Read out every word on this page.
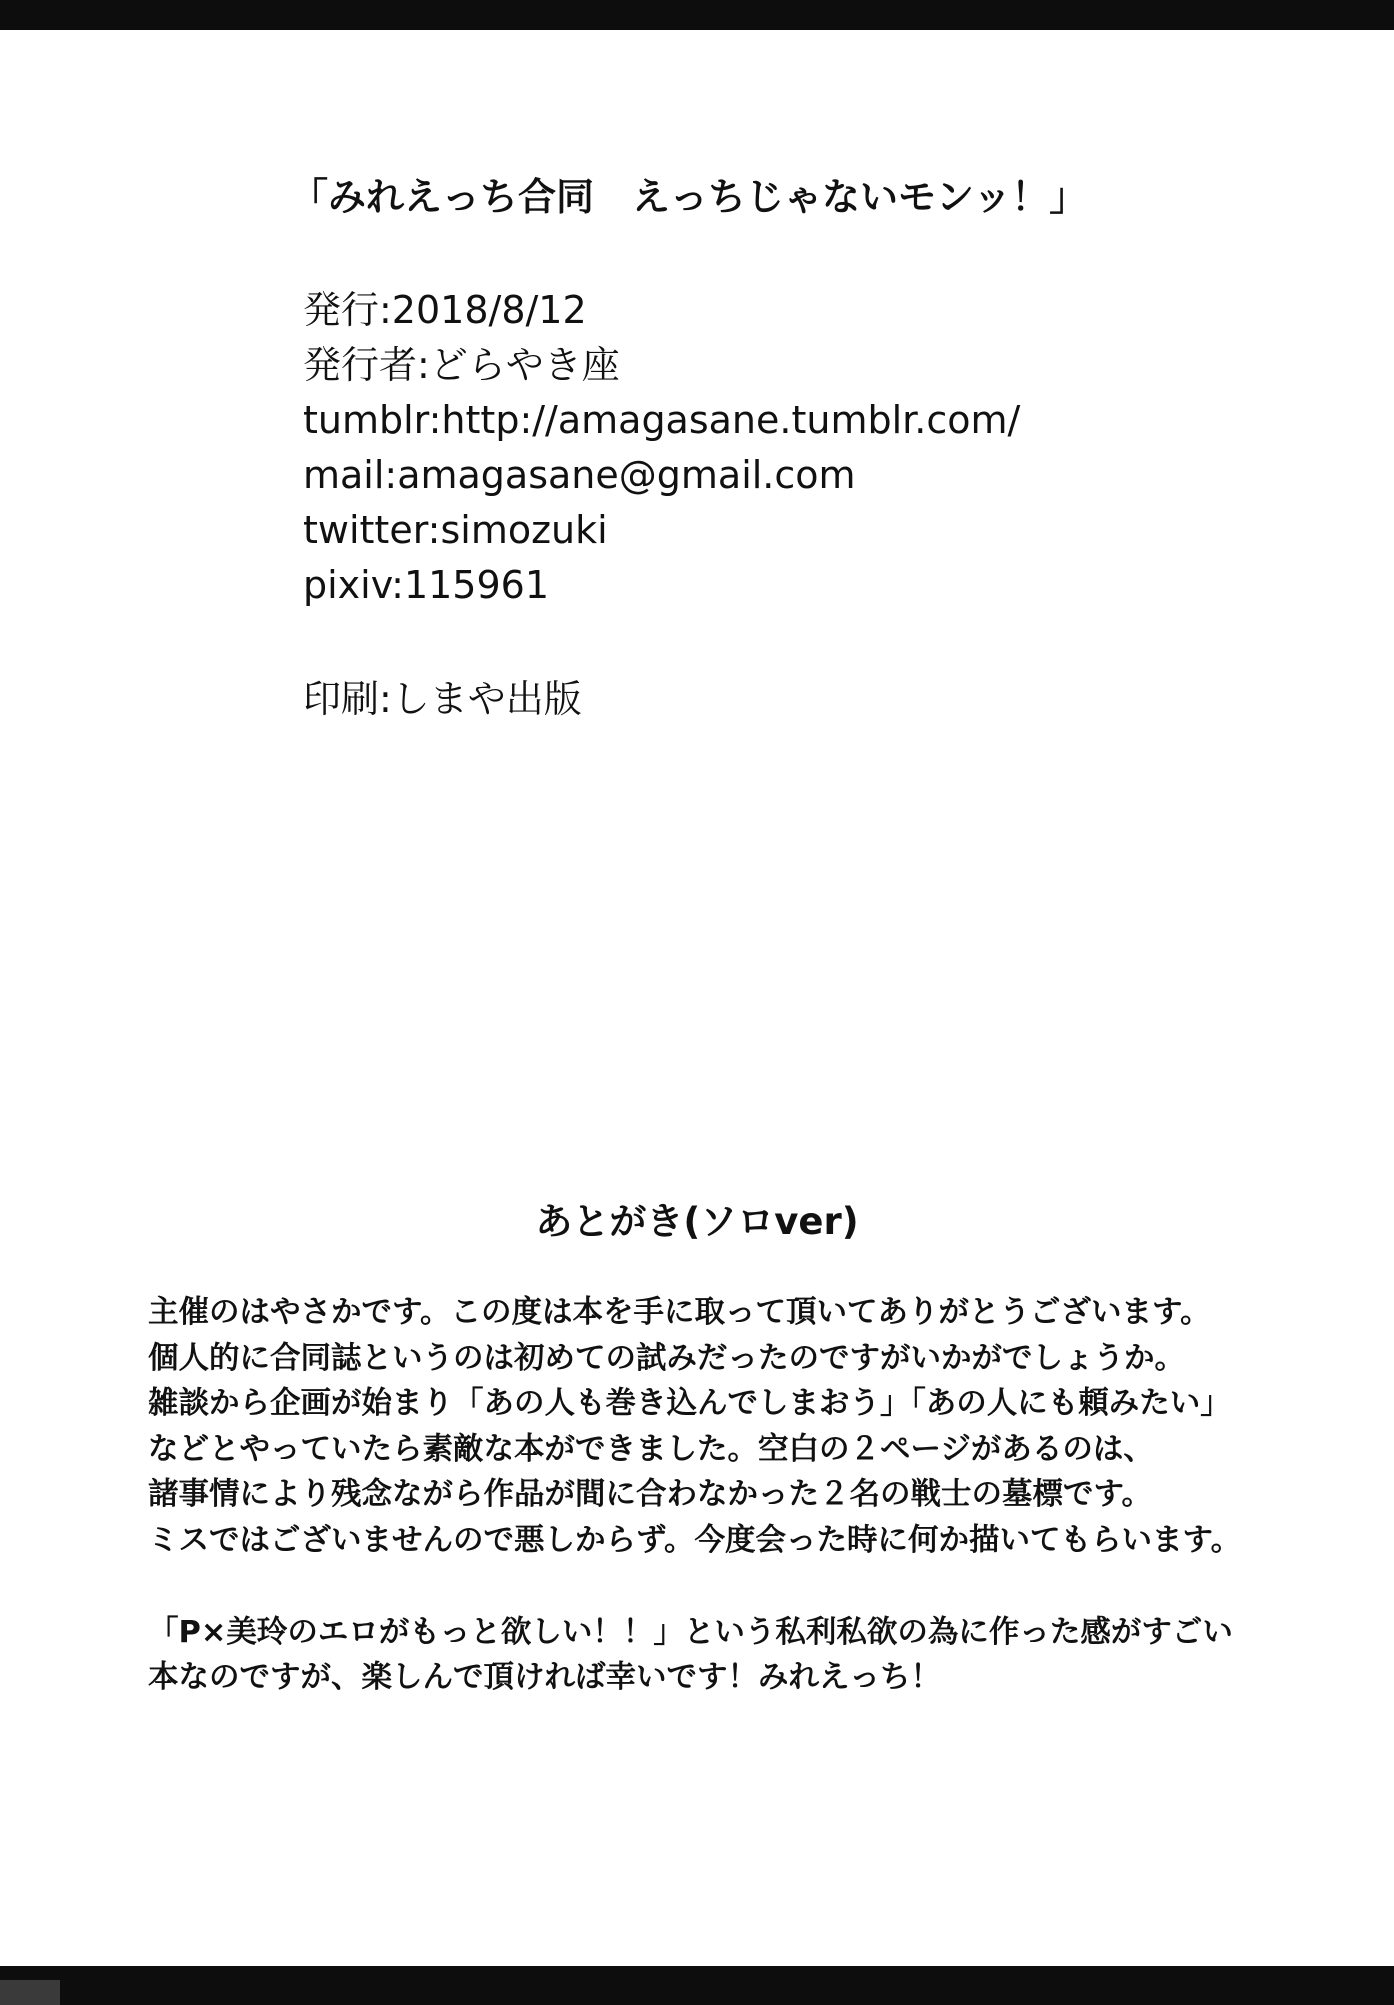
「みれえっち合同　えっちじゃないモンッ！」
発行:2018/8/12
発行者:どらやき座
tumblr:http://amagasane.tumblr.com/
mail:amagasane@gmail.com
twitter:simozuki
pixiv:115961
印刷:しまや出版
あとがき(ソロver)

主催のはやさかです。この度は本を手に取って頂いてありがとうございます。

個人的に合同誌というのは初めての試みだったのですがいかがでしょうか。

雑談から企画が始まり「あの人も巻き込んでしまおう」「あの人にも頼みたい」

などとやっていたら素敵な本ができました。空白の２ページがあるのは、

諸事情により残念ながら作品が間に合わなかった２名の戦士の墓標です。

ミスではございませんので悪しからず。今度会った時に何か描いてもらいます。

「P×美玲のエロがもっと欲しい！！」という私利私欲の為に作った感がすごい

本なのですが、楽しんで頂ければ幸いです！みれえっち！
